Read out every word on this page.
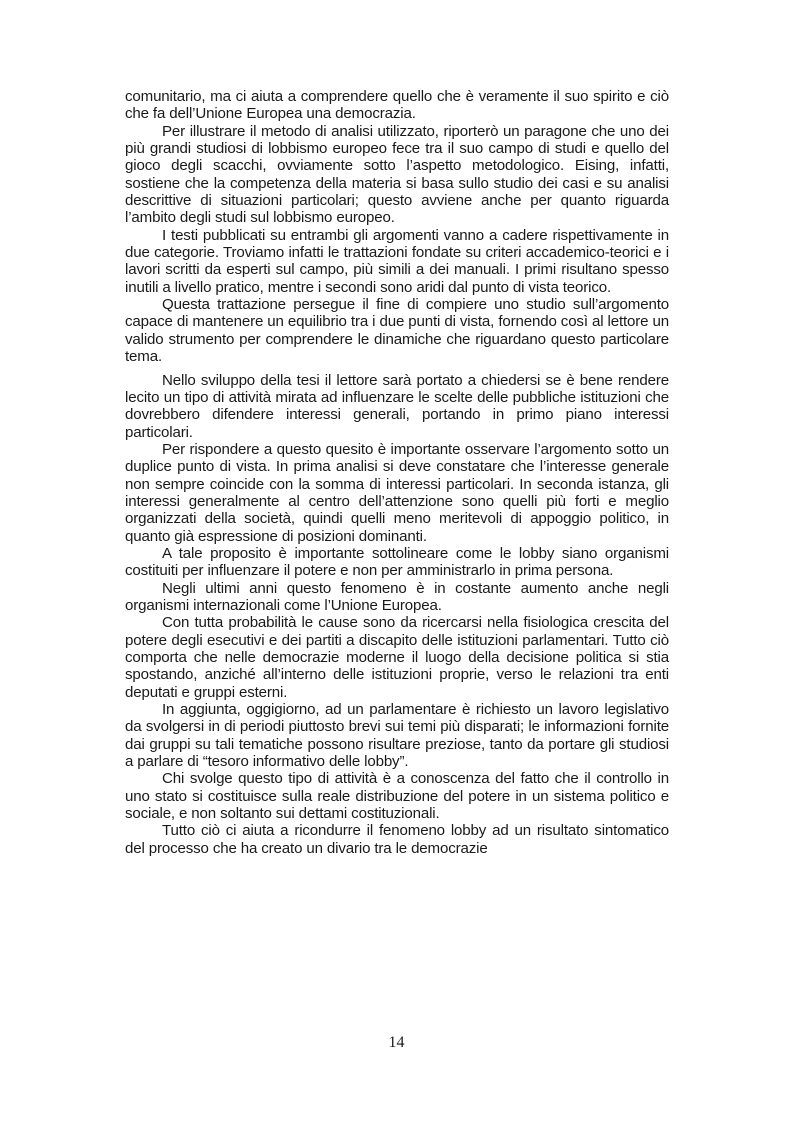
comunitario, ma ci aiuta a comprendere quello che è veramente il suo spirito e ciò che fa dell’Unione Europea una democrazia.

Per illustrare il metodo di analisi utilizzato, riporterò un paragone che uno dei più grandi studiosi di lobbismo europeo fece tra il suo campo di studi e quello del gioco degli scacchi, ovviamente sotto l’aspetto metodologico. Eising, infatti, sostiene che la competenza della materia si basa sullo studio dei casi e su analisi descrittive di situazioni particolari; questo avviene anche per quanto riguarda l’ambito degli studi sul lobbismo europeo.

I testi pubblicati su entrambi gli argomenti vanno a cadere rispettivamente in due categorie. Troviamo infatti le trattazioni fondate su criteri accademico-teorici e i lavori scritti da esperti sul campo, più simili a dei manuali. I primi risultano spesso inutili a livello pratico, mentre i secondi sono aridi dal punto di vista teorico.

Questa trattazione persegue il fine di compiere uno studio sull’argomento capace di mantenere un equilibrio tra i due punti di vista, fornendo così al lettore un valido strumento per comprendere le dinamiche che riguardano questo particolare tema.

Nello sviluppo della tesi il lettore sarà portato a chiedersi se è bene rendere lecito un tipo di attività mirata ad influenzare le scelte delle pubbliche istituzioni che dovrebbero difendere interessi generali, portando in primo piano interessi particolari.

Per rispondere a questo quesito è importante osservare l’argomento sotto un duplice punto di vista. In prima analisi si deve constatare che l’interesse generale non sempre coincide con la somma di interessi particolari. In seconda istanza, gli interessi generalmente al centro dell’attenzione sono quelli più forti e meglio organizzati della società, quindi quelli meno meritevoli di appoggio politico, in quanto già espressione di posizioni dominanti.

A tale proposito è importante sottolineare come le lobby siano organismi costituiti per influenzare il potere e non per amministrarlo in prima persona.

Negli ultimi anni questo fenomeno è in costante aumento anche negli organismi internazionali come l’Unione Europea.

Con tutta probabilità le cause sono da ricercarsi nella fisiologica crescita del potere degli esecutivi e dei partiti a discapito delle istituzioni parlamentari. Tutto ciò comporta che nelle democrazie moderne il luogo della decisione politica si stia spostando, anziché all’interno delle istituzioni proprie, verso le relazioni tra enti deputati e gruppi esterni.

In aggiunta, oggigiorno, ad un parlamentare è richiesto un lavoro legislativo da svolgersi in di periodi piuttosto brevi sui temi più disparati; le informazioni fornite dai gruppi su tali tematiche possono risultare preziose, tanto da portare gli studiosi a parlare di “tesoro informativo delle lobby”.

Chi svolge questo tipo di attività è a conoscenza del fatto che il controllo in uno stato si costituisce sulla reale distribuzione del potere in un sistema politico e sociale, e non soltanto sui dettami costituzionali.

Tutto ciò ci aiuta a ricondurre il fenomeno lobby ad un risultato sintomatico del processo che ha creato un divario tra le democrazie

14
